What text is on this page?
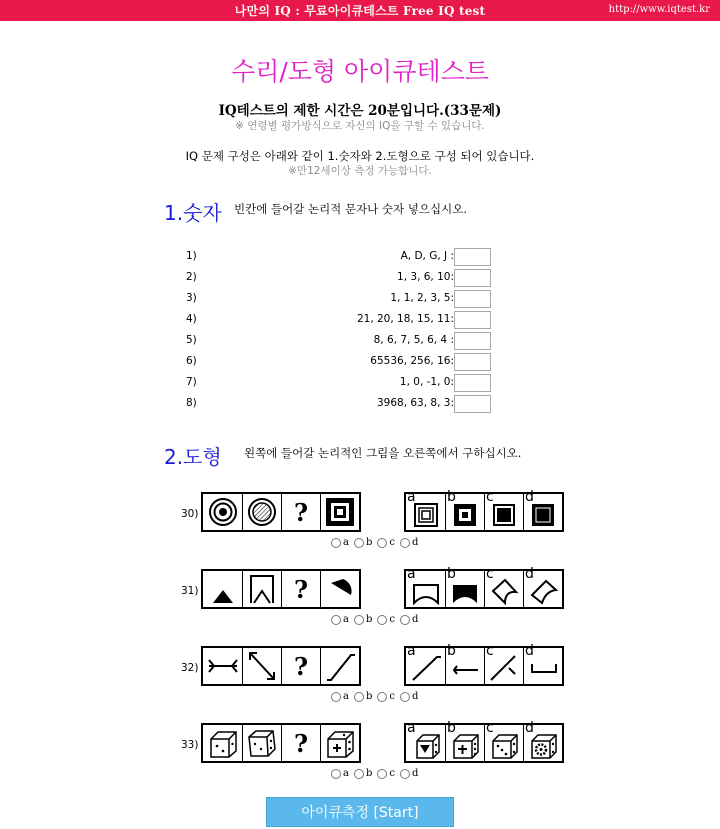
나만의 IQ : 무료아이큐테스트 Free IQ test	http://www.iqtest.kr
수리/도형 아이큐테스트
IQ테스트의 제한 시간은 20분입니다.(33문제)
※ 연령별 평가방식으로 자신의 IQ을 구할 수 있습니다.
IQ 문제 구성은 아래와 같이 1.숫자와 2.도형으로 구성 되어 있습니다.
※만12세이상 측정 가능합니다.
1.숫자 빈칸에 들어갈 논리적 문자나 숫자 넣으십시오.
1)	A, D, G, J :
2)	1, 3, 6, 10:
3)	1, 1, 2, 3, 5:
4)	21, 20, 18, 15, 11:
5)	8, 6, 7, 5, 6, 4 :
6)	65536, 256, 16:
7)	1, 0, -1, 0:
8)	3968, 63, 8, 3:
2.도형 왼쪽에 들어갈 논리적인 그림을 오른쪽에서 구하십시오.
30)	?
a b c d
a b c d
31)	?
a b c d
a b c d
32)	?
a b c d
a b c d
33)	?
a b c d
a b c d
아이큐측정 [Start]
